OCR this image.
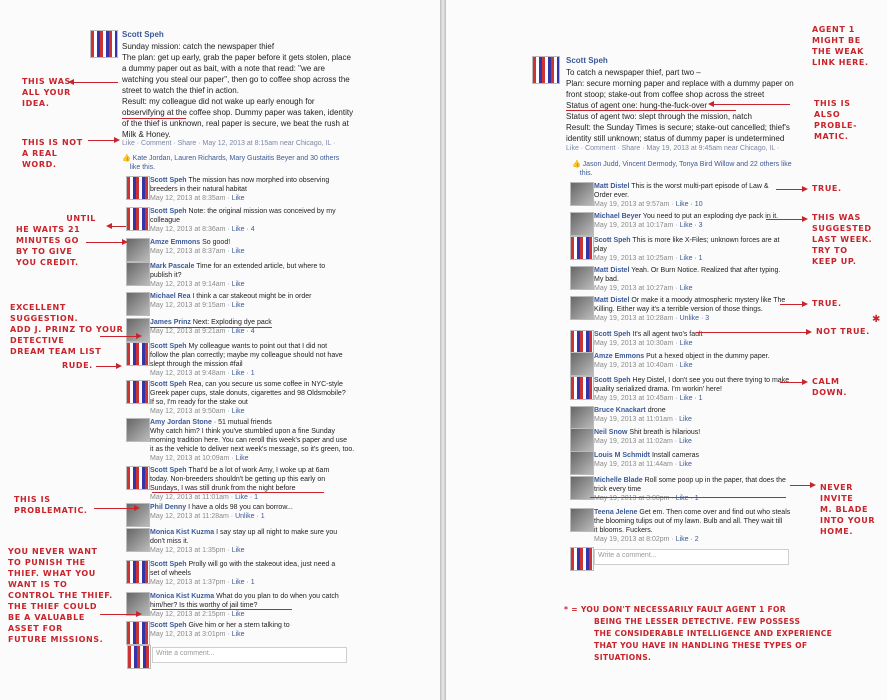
Scott Speh
Sunday mission: catch the newspaper thief
The plan: get up early, grab the paper before it gets stolen, place
a dummy paper out as bait, with a note that read: "we are
watching you steal our paper", then go to coffee shop across the
street to watch the thief in action.
Result: my colleague did not wake up early enough for
observifying at the coffee shop. Dummy paper was taken, identity
of the thief is unknown, real paper is secure, we beat the rush at
Milk & Honey.
Like · Comment · Share · May 12, 2013 at 8:15am near Chicago, IL ·
👍 Kate Jordan, Lauren Richards, Mary Gustaitis Beyer and 30 others
like this.
Scott Speh The mission has now morphed into observing
breeders in their natural habitat
May 12, 2013 at 8:35am · Like
Scott Speh Note: the original mission was conceived by my
colleague
May 12, 2013 at 8:36am · Like · 4
Amze Emmons So good!
May 12, 2013 at 8:37am · Like
Mark Pascale Time for an extended article, but where to
publish it?
May 12, 2013 at 9:14am · Like
Michael Rea I think a car stakeout might be in order
May 12, 2013 at 9:15am · Like
James Prinz Next: Exploding dye pack
May 12, 2013 at 9:21am · Like · 4
Scott Speh My colleague wants to point out that I did not
follow the plan correctly; maybe my colleague should not have
slept through the mission #fail
May 12, 2013 at 9:48am · Like · 1
Scott Speh Rea, can you secure us some coffee in NYC-style
Greek paper cups, stale donuts, cigarettes and 98 Oldsmobile?
If so, I'm ready for the stake out
May 12, 2013 at 9:50am · Like
Amy Jordan Stone · 51 mutual friends
Why catch him? I think you've stumbled upon a fine Sunday
morning tradition here. You can reroll this week's paper and use
it as the vehicle to deliver next week's message, so it's green, too.
May 12, 2013 at 10:09am · Like
Scott Speh That'd be a lot of work Amy, I woke up at 6am
today. Non-breeders shouldn't be getting up this early on
Sundays, I was still drunk from the night before
May 12, 2013 at 11:01am · Like · 1
Phil Denny I have a olds 98 you can borrow...
May 12, 2013 at 11:28am · Unlike · 1
Monica Kist Kuzma I say stay up all night to make sure you
don't miss it.
May 12, 2013 at 1:35pm · Like
Scott Speh Prolly will go with the stakeout idea, just need a
set of wheels
May 12, 2013 at 1:37pm · Like · 1
Monica Kist Kuzma What do you plan to do when you catch
him/her? Is this worthy of jail time?
May 12, 2013 at 2:15pm · Like
Scott Speh Give him or her a stern talking to
May 12, 2013 at 3:01pm · Like
Write a comment...
THIS WAS
ALL YOUR
IDEA.
THIS IS NOT
A REAL
WORD.
UNTIL
HE WAITS 21
MINUTES GO
BY TO GIVE
YOU CREDIT.
EXCELLENT
SUGGESTION.
ADD J. PRINZ TO YOUR
DETECTIVE
DREAM TEAM LIST
RUDE.
THIS IS
PROBLEMATIC.
YOU NEVER WANT
TO PUNISH THE
THIEF. WHAT YOU
WANT IS TO
CONTROL THE THIEF.
THE THIEF COULD
BE A VALUABLE
ASSET FOR
FUTURE MISSIONS.
Scott Speh
To catch a newspaper thief, part two –
Plan: secure morning paper and replace with a dummy paper on
front stoop; stake-out from coffee shop across the street
Status of agent one: hung-the-fuck-over
Status of agent two: slept through the mission, natch
Result: the Sunday Times is secure; stake-out cancelled; thief's
identity still unknown; status of dummy paper is undetermined
Like · Comment · Share · May 19, 2013 at 9:45am near Chicago, IL ·
👍 Jason Judd, Vincent Dermody, Tonya Bird Willow and 22 others like
this.
Matt Distel This is the worst multi-part episode of Law &
Order ever.
May 19, 2013 at 9:57am · Like · 10
Michael Beyer You need to put an exploding dye pack in it.
May 19, 2013 at 10:17am · Like · 3
Scott Speh This is more like X-Files; unknown forces are at
play
May 19, 2013 at 10:25am · Like · 1
Matt Distel Yeah. Or Burn Notice. Realized that after typing.
My bad.
May 19, 2013 at 10:27am · Like
Matt Distel Or make it a moody atmospheric mystery like The
Killing. Either way it's a terrible version of those things.
May 19, 2013 at 10:28am · Unlike · 3
Scott Speh It's all agent two's fault
May 19, 2013 at 10:30am · Like
Amze Emmons Put a hexed object in the dummy paper.
May 19, 2013 at 10:40am · Like
Scott Speh Hey Distel, I don't see you out there trying to make
quality serialized drama. I'm workin' here!
May 19, 2013 at 10:45am · Like · 1
Bruce Knackart drone
May 19, 2013 at 11:01am · Like
Neil Snow Shit breath is hilarious!
May 19, 2013 at 11:02am · Like
Louis M Schmidt Install cameras
May 19, 2013 at 11:44am · Like
Michelle Blade Roll some poop up in the paper, that does the
trick every time
May 19, 2013 at 3:00pm · Like · 1
Teena Jelene Get em. Then come over and find out who steals
the blooming tulips out of my lawn. Bulb and all. They wait till
it blooms. Fuckers.
May 19, 2013 at 8:02pm · Like · 2
Write a comment...
AGENT 1
MIGHT BE
THE WEAK
LINK HERE.
THIS IS
ALSO
PROBLE-
MATIC.
TRUE.
THIS WAS
SUGGESTED
LAST WEEK.
TRY TO
KEEP UP.
TRUE.
NOT TRUE.
✱
CALM
DOWN.
NEVER
INVITE
M. BLADE
INTO YOUR
HOME.
* = YOU DON'T NECESSARILY FAULT AGENT 1 FOR
BEING THE LESSER DETECTIVE. FEW POSSESS
THE CONSIDERABLE INTELLIGENCE AND EXPERIENCE
THAT YOU HAVE IN HANDLING THESE TYPES OF
SITUATIONS.
